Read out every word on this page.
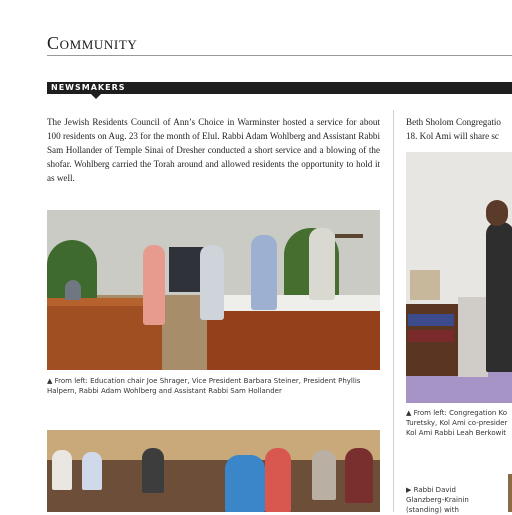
Community
NEWSMAKERS
The Jewish Residents Council of Ann’s Choice in Warminster hosted a service for about 100 residents on Aug. 23 for the month of Elul. Rabbi Adam Wohlberg and Assistant Rabbi Sam Hollander of Temple Sinai of Dresher conducted a short service and a blowing of the shofar. Wohlberg carried the Torah around and allowed residents the opportunity to hold it as well.
Beth Sholom Congregatio
18. Kol Ami will share sc
▲ From left: Education chair Joe Shrager, Vice President Barbara Steiner, President Phyllis Halpern, Rabbi Adam Wohlberg and Assistant Rabbi Sam Hollander
▲ From left: Congregation Ko
Turetsky, Kol Ami co-presider
Kol Ami Rabbi Leah Berkowit
▶ Rabbi David
Glanzberg-Krainin
(standing) with
